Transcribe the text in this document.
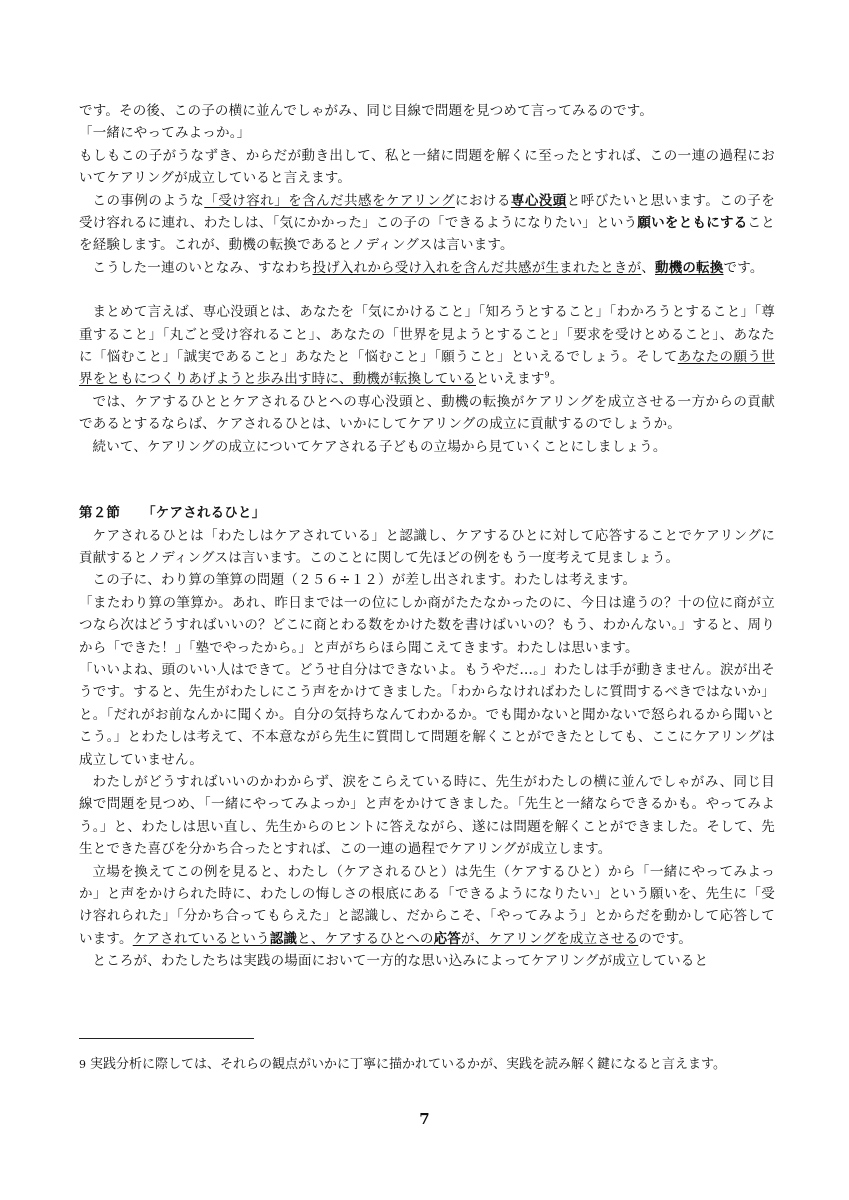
です。その後、この子の横に並んでしゃがみ、同じ目線で問題を見つめて言ってみるのです。

「一緒にやってみよっか。」

もしもこの子がうなずき、からだが動き出して、私と一緒に問題を解くに至ったとすれば、この一連の過程においてケアリングが成立していると言えます。

この事例のような「受け容れ」を含んだ共感をケアリングにおける専心没頭と呼びたいと思います。この子を受け容れるに連れ、わたしは、「気にかかった」この子の「できるようになりたい」という願いをともにすることを経験します。これが、動機の転換であるとノディングスは言います。

こうした一連のいとなみ、すなわち投げ入れから受け入れを含んだ共感が生まれたときが、動機の転換です。

まとめて言えば、専心没頭とは、あなたを「気にかけること」「知ろうとすること」「わかろうとすること」「尊重すること」「丸ごと受け容れること」、あなたの「世界を見ようとすること」「要求を受けとめること」、あなたに「悩むこと」「誠実であること」あなたと「悩むこと」「願うこと」といえるでしょう。そしてあなたの願う世界をともにつくりあげようと歩み出す時に、動機が転換しているといえます$^9$。

では、ケアするひととケアされるひとへの専心没頭と、動機の転換がケアリングを成立させる一方からの貢献であるとするならば、ケアされるひとは、いかにしてケアリングの成立に貢献するのでしょうか。

続いて、ケアリングの成立についてケアされる子どもの立場から見ていくことにしましょう。

第２節 「ケアされるひと」

ケアされるひとは「わたしはケアされている」と認識し、ケアするひとに対して応答することでケアリングに貢献するとノディングスは言います。このことに関して先ほどの例をもう一度考えて見ましょう。

この子に、わり算の筆算の問題（２５６÷１２）が差し出されます。わたしは考えます。

「またわり算の筆算か。あれ、昨日までは一の位にしか商がたたなかったのに、今日は違うの？十の位に商が立つなら次はどうすればいいの？どこに商とわる数をかけた数を書けばいいの？もう、わかんない。」すると、周りから「できた！」「塾でやったから。」と声がちらほら聞こえてきます。わたしは思います。

「いいよね、頭のいい人はできて。どうせ自分はできないよ。もうやだ…。」わたしは手が動きません。涙が出そうです。すると、先生がわたしにこう声をかけてきました。「わからなければわたしに質問するべきではないか」と。「だれがお前なんかに聞くか。自分の気持ちなんてわかるか。でも聞かないと聞かないで怒られるから聞いとこう。」とわたしは考えて、不本意ながら先生に質問して問題を解くことができたとしても、ここにケアリングは成立していません。

わたしがどうすればいいのかわからず、涙をこらえている時に、先生がわたしの横に並んでしゃがみ、同じ目線で問題を見つめ、「一緒にやってみよっか」と声をかけてきました。「先生と一緒ならできるかも。やってみよう。」と、わたしは思い直し、先生からのヒントに答えながら、遂には問題を解くことができました。そして、先生とできた喜びを分かち合ったとすれば、この一連の過程でケアリングが成立します。

立場を換えてこの例を見ると、わたし（ケアされるひと）は先生（ケアするひと）から「一緒にやってみよっか」と声をかけられた時に、わたしの悔しさの根底にある「できるようになりたい」という願いを、先生に「受け容れられた」「分かち合ってもらえた」と認識し、だからこそ、「やってみよう」とからだを動かして応答しています。ケアされているという認識と、ケアするひとへの応答が、ケアリングを成立させるのです。

ところが、わたしたちは実践の場面において一方的な思い込みによってケアリングが成立していると

9 実践分析に際しては、それらの観点がいかに丁寧に描かれているかが、実践を読み解く鍵になると言えます。
7
